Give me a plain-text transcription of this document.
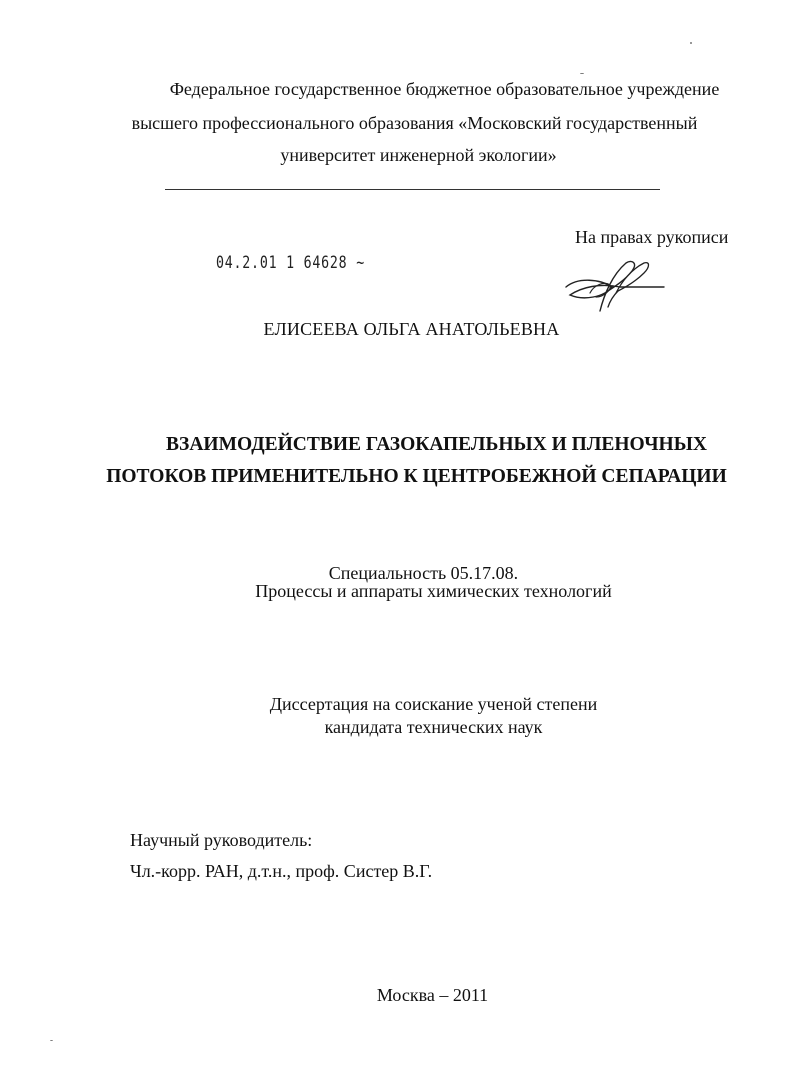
Федеральное государственное бюджетное образовательное учреждение
высшего профессионального образования «Московский государственный
университет инженерной экологии»
На правах рукописи
04.2.01 1 64628 ~
ЕЛИСЕЕВА ОЛЬГА АНАТОЛЬЕВНА
ВЗАИМОДЕЙСТВИЕ ГАЗОКАПЕЛЬНЫХ И ПЛЕНОЧНЫХ
ПОТОКОВ ПРИМЕНИТЕЛЬНО К ЦЕНТРОБЕЖНОЙ СЕПАРАЦИИ
Специальность 05.17.08.
Процессы и аппараты химических технологий
Диссертация на соискание ученой степени
кандидата технических наук
Научный руководитель:
Чл.-корр. РАН, д.т.н., проф. Систер В.Г.
Москва – 2011
